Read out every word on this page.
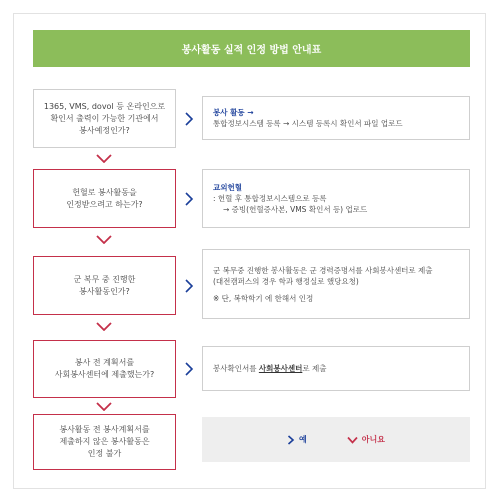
봉사활동 실적 인정 방법 안내표
1365, VMS, dovol 등 온라인으로
확인서 출력이 가능한 기관에서
봉사예정인가?
봉사 활동 →
통합정보시스템 등록 → 시스템 등록시 확인서 파일 업로드
헌혈로 봉사활동을
인정받으려고 하는가?
교외헌혈
: 헌혈 후 통합정보시스템으로 등록
→ 증빙(헌혈증사본, VMS 확인서 등) 업로드
군 복무 중 진행한
봉사활동인가?
군 복무중 진행한 봉사활동은 군 경력증명서를 사회봉사센터로 제출
(대전캠퍼스의 경우 학과 행정실로 했당요청)
※ 단, 복학학기 에 한해서 인정
봉사 전 계획서를
사회봉사센터에 제출했는가?
봉사확인서를 사회봉사센터로 제출
봉사활동 전 봉사계획서를
제출하지 않은 봉사활동은
인정 불가
예	아니요
